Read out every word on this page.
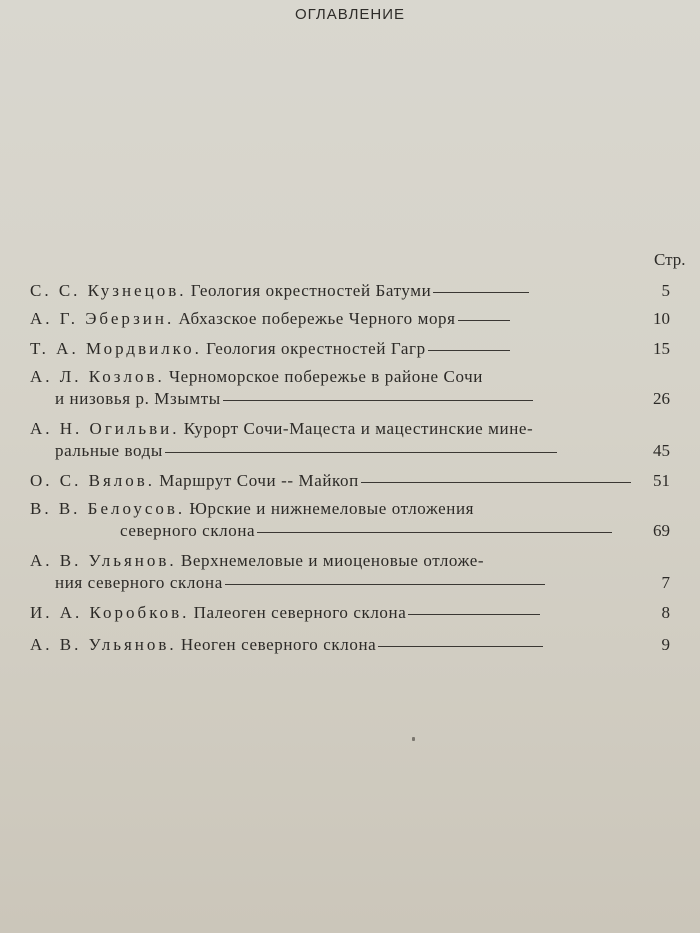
ОГЛАВЛЕНИЕ
Стр.
С. С. Кузнецов. Геология окрестностей Батуми	5
А. Г. Эберзин. Абхазское побережье Черного моря	10
Т. А. Мордвилко. Геология окрестностей Гагр	15
А. Л. Козлов. Черноморское побережье в районе Сочи
и низовья р. Мзымты	26
А. Н. Огильви. Курорт Сочи-Мацеста и мацестинские мине-
ральные воды	45
О. С. Вялов. Маршрут Сочи -- Майкоп	51
В. В. Белоусов. Юрские и нижнемеловые отложения
северного склона	69
А. В. Ульянов. Верхнемеловые и миоценовые отложе-
ния северного склона	7
И. А. Коробков. Палеоген северного склона	8
А. В. Ульянов. Неоген северного склона	9
